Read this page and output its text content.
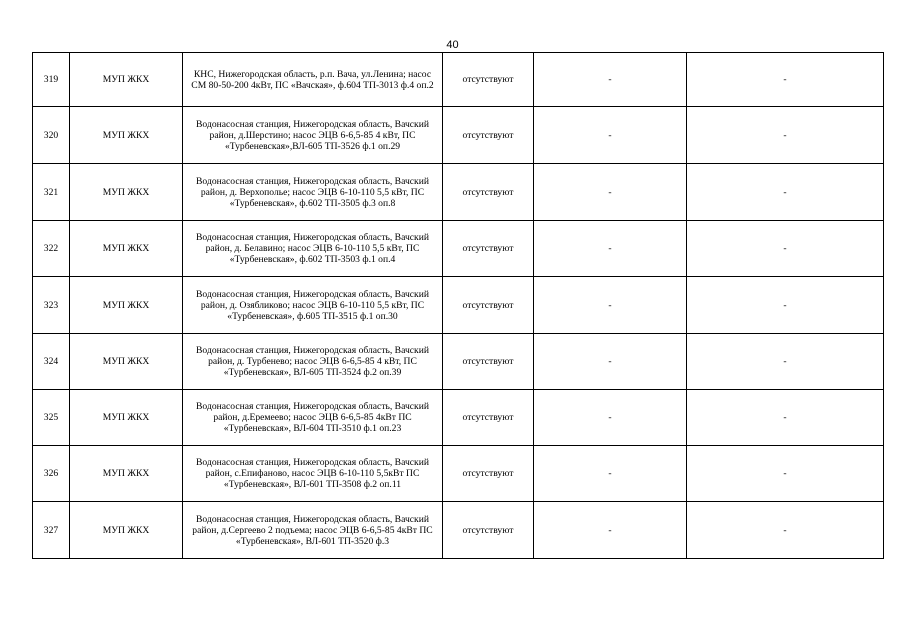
40
319	МУП ЖКХ	КНС, Нижегородская область, р.п. Вача, ул.Ленина; насос СМ 80-50-200 4кВт, ПС «Вачская», ф.604 ТП-3013 ф.4 оп.2	отсутствуют	-	-
320	МУП ЖКХ	Водонасосная станция, Нижегородская область, Вачский район, д.Шерстино; насос ЭЦВ 6-6,5-85 4 кВт, ПС «Турбеневская»,ВЛ-605 ТП-3526 ф.1 оп.29	отсутствуют	-	-
321	МУП ЖКХ	Водонасосная станция, Нижегородская область, Вачский район, д. Верхополье; насос ЭЦВ 6-10-110 5,5 кВт, ПС «Турбеневская», ф.602 ТП-3505 ф.3 оп.8	отсутствуют	-	-
322	МУП ЖКХ	Водонасосная станция, Нижегородская область, Вачский район, д. Белавино; насос ЭЦВ 6-10-110 5,5 кВт, ПС «Турбеневская», ф.602 ТП-3503 ф.1 оп.4	отсутствуют	-	-
323	МУП ЖКХ	Водонасосная станция, Нижегородская область, Вачский район, д. Озябликово; насос ЭЦВ 6-10-110 5,5 кВт, ПС «Турбеневская», ф.605 ТП-3515 ф.1 оп.30	отсутствуют	-	-
324	МУП ЖКХ	Водонасосная станция, Нижегородская область, Вачский район, д. Турбенево; насос ЭЦВ 6-6,5-85 4 кВт, ПС «Турбеневская», ВЛ-605 ТП-3524 ф.2 оп.39	отсутствуют	-	-
325	МУП ЖКХ	Водонасосная станция, Нижегородская область, Вачский район, д.Еремеево; насос ЭЦВ 6-6,5-85 4кВт ПС «Турбеневская», ВЛ-604 ТП-3510 ф.1 оп.23	отсутствуют	-	-
326	МУП ЖКХ	Водонасосная станция, Нижегородская область, Вачский район, с.Епифаново, насос ЭЦВ 6-10-110 5,5кВт ПС «Турбеневская», ВЛ-601 ТП-3508 ф.2 оп.11	отсутствуют	-	-
327	МУП ЖКХ	Водонасосная станция, Нижегородская область, Вачский район, д.Сергеево 2 подъема; насос ЭЦВ 6-6,5-85 4кВт ПС «Турбеневская», ВЛ-601 ТП-3520 ф.3	отсутствуют	-	-
